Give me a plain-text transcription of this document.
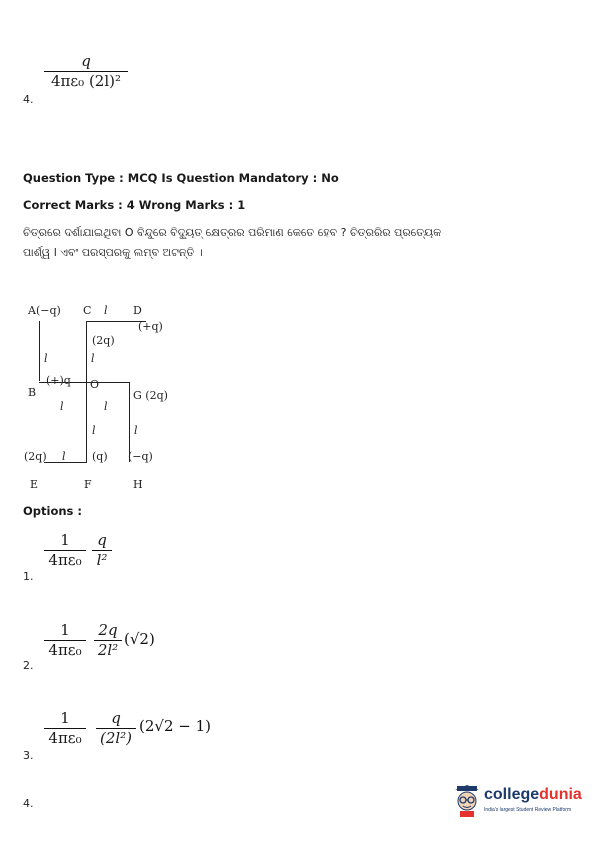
q
4πε₀ (2l)²
4.
Question Type : MCQ Is Question Mandatory : No
Correct Marks : 4 Wrong Marks : 1
ଚିତ୍ରରେ ଦର୍ଶାଯାଇଥିବା O ବିନ୍ଦୁରେ ବିଦ୍ୟୁତ୍ କ୍ଷେତ୍ରର ପରିମାଣ କେତେ ହେବ ? ଚିତ୍ରରିର ପ୍ରତ୍ୟେକ ପାର୍ଶ୍ୱ l ଏବଂ ପରସ୍ପରକୁ ଲମ୍ବ ଅଟନ୍ତି ।
A(−q) C l D
(+q)
(2q)
l	l
(+)q O
B	G (2q)
l	l
l	l
(2q) l (q) (−q)
E	F	H
Options :
1.
1
4πε₀
q
l²
2.
1
4πε₀
2q
2l²
(√2)
3.
1
4πε₀
q
(2l²)
(2√2 − 1)
4.
collegedunia
India's largest Student Review Platform
